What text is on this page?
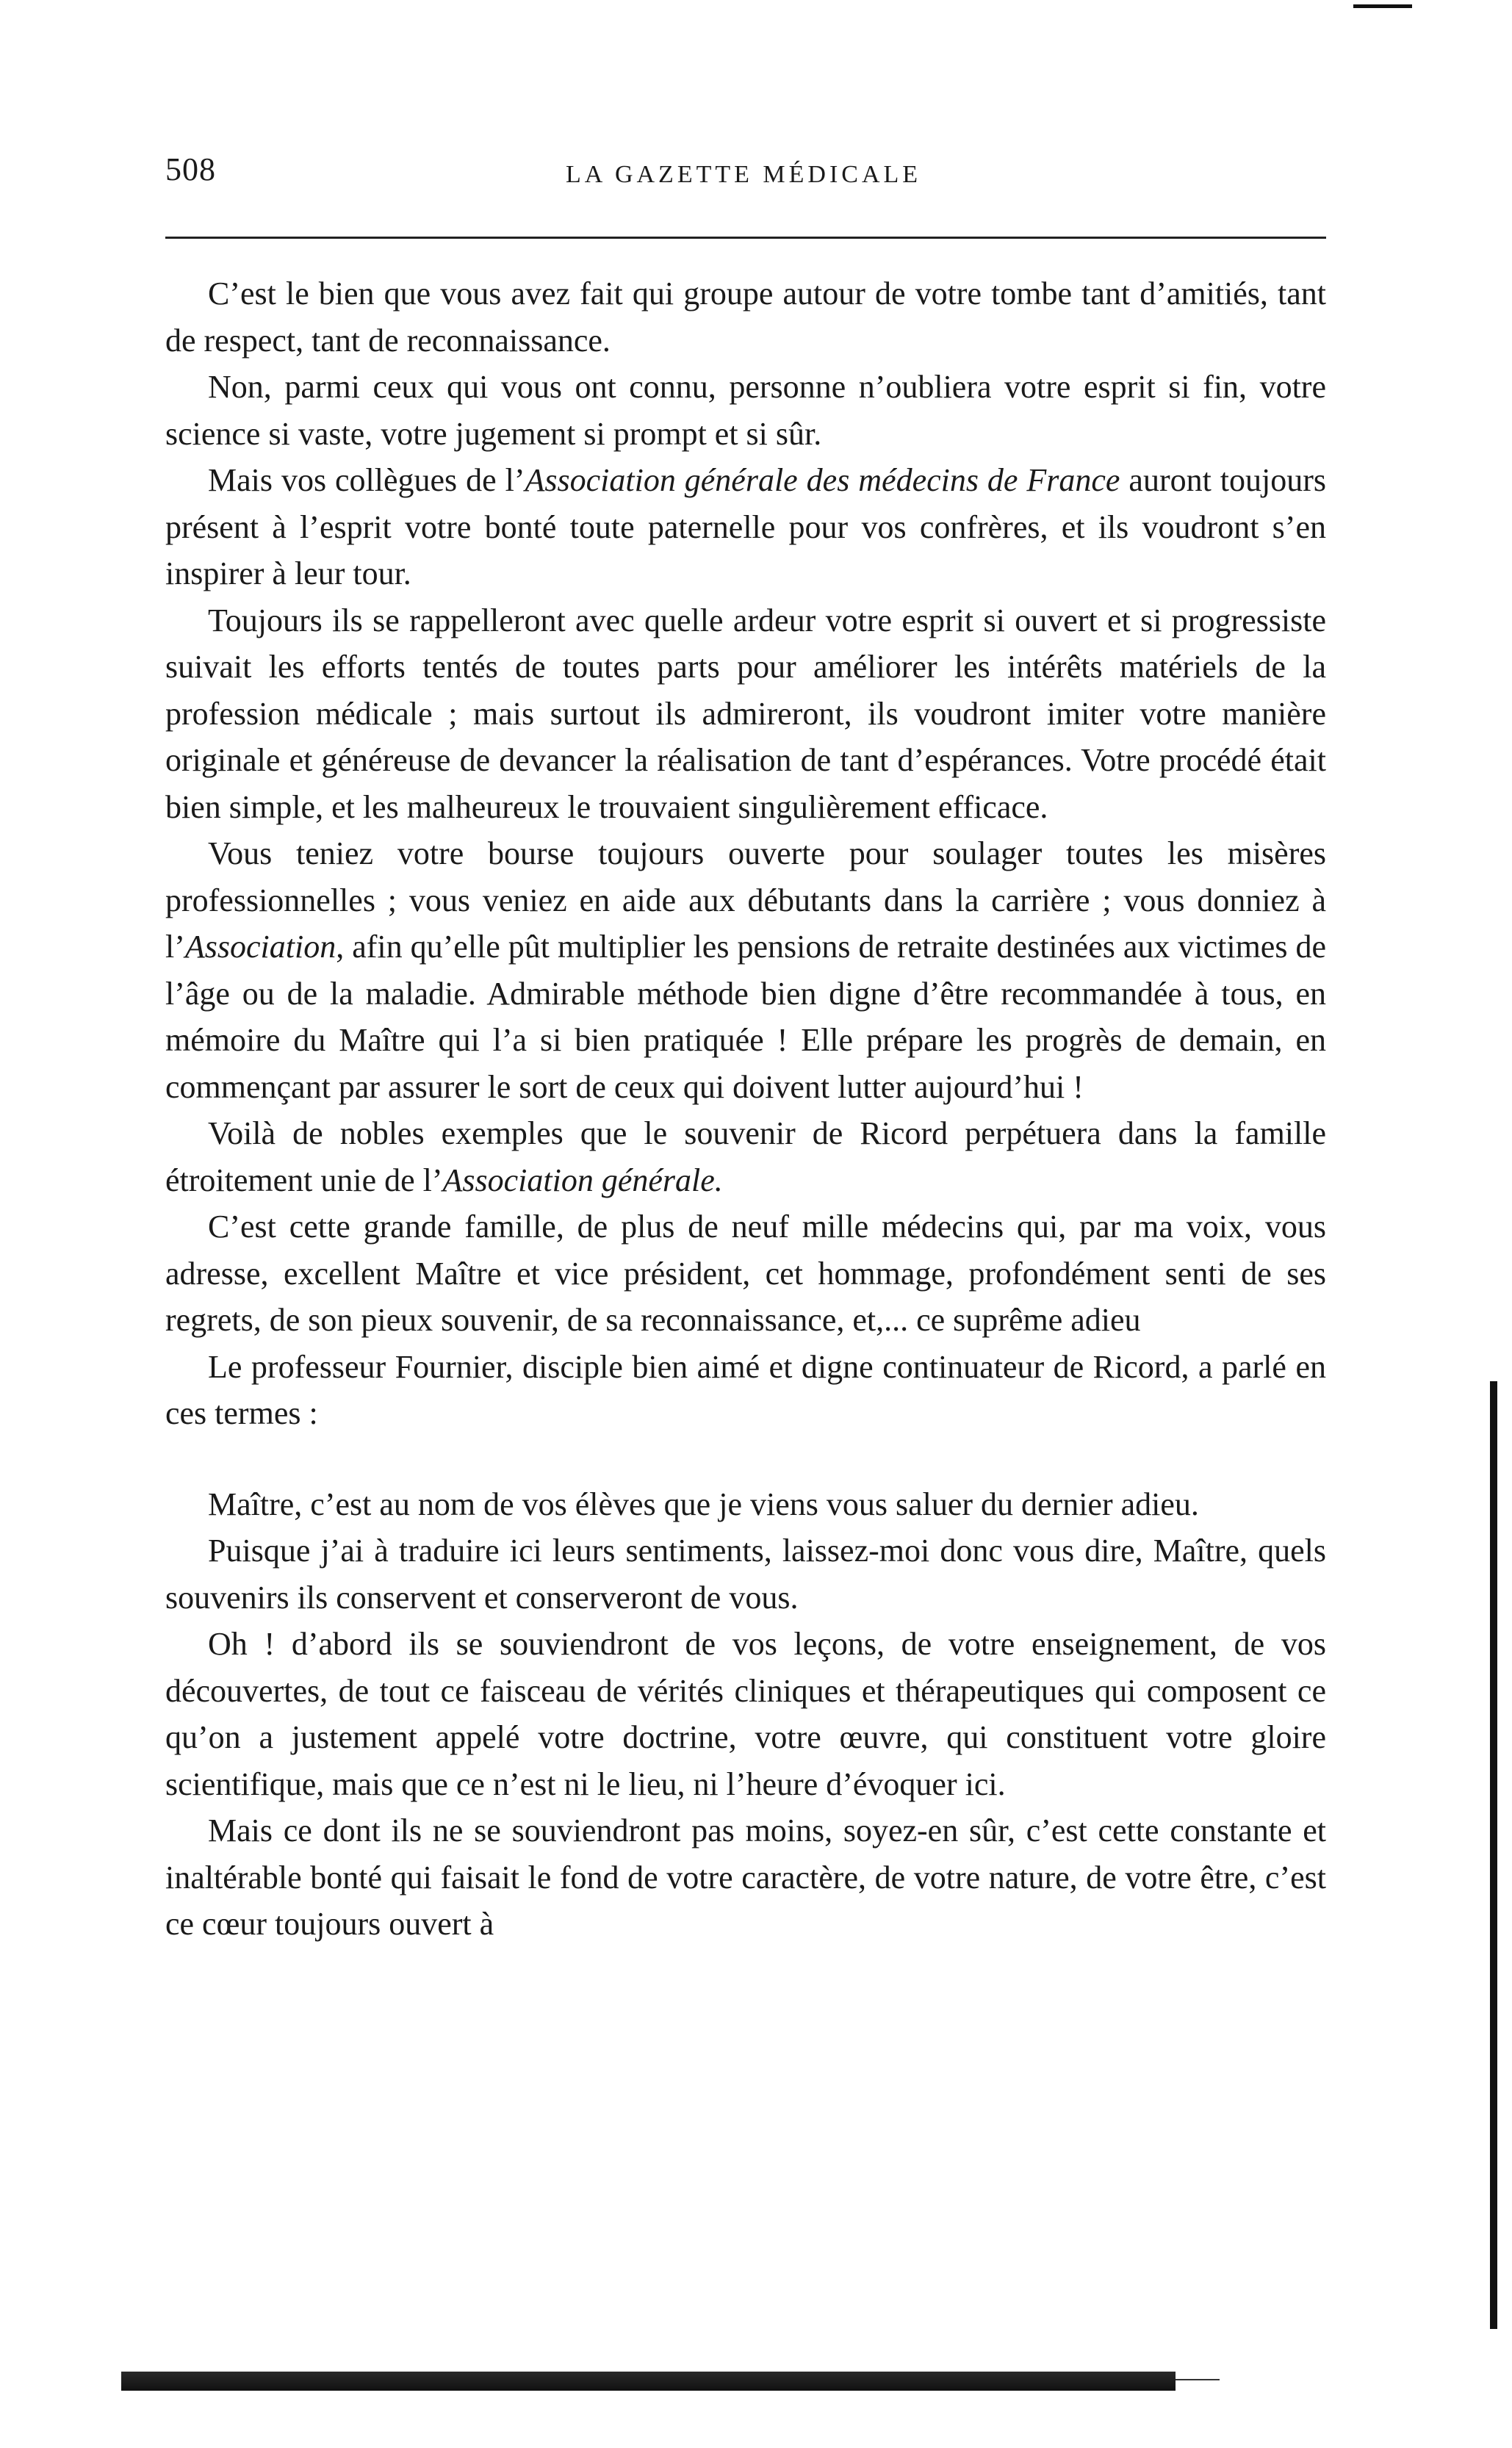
508	LA GAZETTE MÉDICALE

C’est le bien que vous avez fait qui groupe autour de votre tombe tant d’amitiés, tant de respect, tant de reconnaissance.

Non, parmi ceux qui vous ont connu, personne n’oubliera votre esprit si fin, votre science si vaste, votre jugement si prompt et si sûr.

Mais vos collègues de l’Association générale des médecins de France auront toujours présent à l’esprit votre bonté toute paternelle pour vos confrères, et ils voudront s’en inspirer à leur tour.

Toujours ils se rappelleront avec quelle ardeur votre esprit si ouvert et si progressiste suivait les efforts tentés de toutes parts pour améliorer les intérêts matériels de la profession médicale ; mais surtout ils admireront, ils voudront imiter votre manière originale et généreuse de devancer la réalisation de tant d’espérances. Votre procédé était bien simple, et les malheureux le trouvaient singulièrement efficace.

Vous teniez votre bourse toujours ouverte pour soulager toutes les misères professionnelles ; vous veniez en aide aux débutants dans la carrière ; vous donniez à l’Association, afin qu’elle pût multiplier les pensions de retraite destinées aux victimes de l’âge ou de la maladie. Admirable méthode bien digne d’être recommandée à tous, en mémoire du Maître qui l’a si bien pratiquée ! Elle prépare les progrès de demain, en commençant par assurer le sort de ceux qui doivent lutter aujourd’hui !

Voilà de nobles exemples que le souvenir de Ricord perpétuera dans la famille étroitement unie de l’Association générale.

C’est cette grande famille, de plus de neuf mille médecins qui, par ma voix, vous adresse, excellent Maître et vice président, cet hommage, profondément senti de ses regrets, de son pieux souvenir, de sa reconnaissance, et,... ce suprême adieu

Le professeur Fournier, disciple bien aimé et digne continuateur de Ricord, a parlé en ces termes :

Maître, c’est au nom de vos élèves que je viens vous saluer du dernier adieu.

Puisque j’ai à traduire ici leurs sentiments, laissez-moi donc vous dire, Maître, quels souvenirs ils conservent et conserveront de vous.

Oh ! d’abord ils se souviendront de vos leçons, de votre enseignement, de vos découvertes, de tout ce faisceau de vérités cliniques et thérapeutiques qui composent ce qu’on a justement appelé votre doctrine, votre œuvre, qui constituent votre gloire scientifique, mais que ce n’est ni le lieu, ni l’heure d’évoquer ici.

Mais ce dont ils ne se souviendront pas moins, soyez-en sûr, c’est cette constante et inaltérable bonté qui faisait le fond de votre caractère, de votre nature, de votre être, c’est ce cœur toujours ouvert à
